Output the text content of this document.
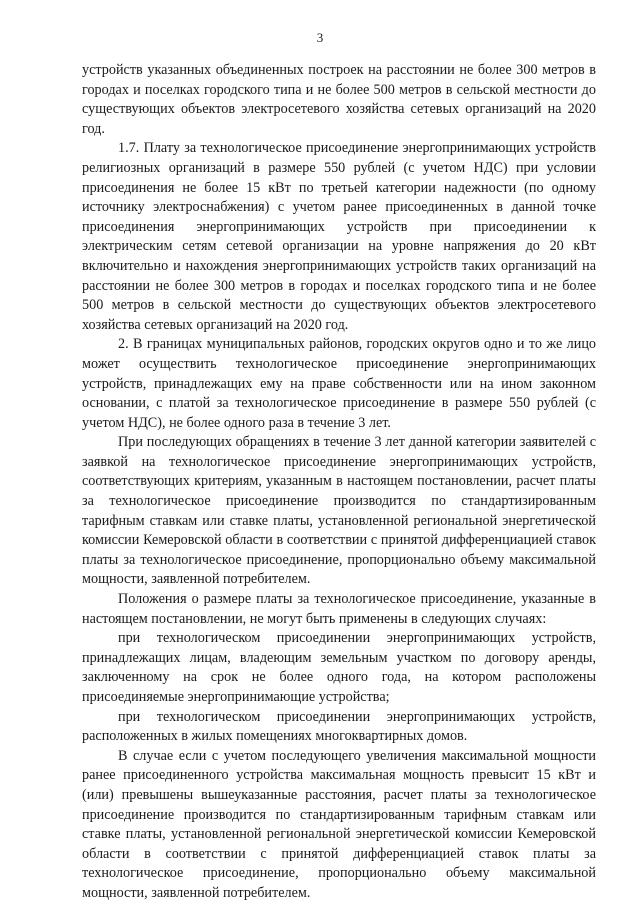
3

устройств указанных объединенных построек на расстоянии не более 300 метров в городах и поселках городского типа и не более 500 метров в сельской местности до существующих объектов электросетевого хозяйства сетевых организаций на 2020 год.

1.7. Плату за технологическое присоединение энергопринимающих устройств религиозных организаций в размере 550 рублей (с учетом НДС) при условии присоединения не более 15 кВт по третьей категории надежности (по одному источнику электроснабжения) с учетом ранее присоединенных в данной точке присоединения энергопринимающих устройств при присоединении к электрическим сетям сетевой организации на уровне напряжения до 20 кВт включительно и нахождения энергопринимающих устройств таких организаций на расстоянии не более 300 метров в городах и поселках городского типа и не более 500 метров в сельской местности до существующих объектов электросетевого хозяйства сетевых организаций на 2020 год.

2. В границах муниципальных районов, городских округов одно и то же лицо может осуществить технологическое присоединение энергопринимающих устройств, принадлежащих ему на праве собственности или на ином законном основании, с платой за технологическое присоединение в размере 550 рублей (с учетом НДС), не более одного раза в течение 3 лет.

При последующих обращениях в течение 3 лет данной категории заявителей с заявкой на технологическое присоединение энергопринимающих устройств, соответствующих критериям, указанным в настоящем постановлении, расчет платы за технологическое присоединение производится по стандартизированным тарифным ставкам или ставке платы, установленной региональной энергетической комиссии Кемеровской области в соответствии с принятой дифференциацией ставок платы за технологическое присоединение, пропорционально объему максимальной мощности, заявленной потребителем.

Положения о размере платы за технологическое присоединение, указанные в настоящем постановлении, не могут быть применены в следующих случаях:

при технологическом присоединении энергопринимающих устройств, принадлежащих лицам, владеющим земельным участком по договору аренды, заключенному на срок не более одного года, на котором расположены присоединяемые энергопринимающие устройства;

при технологическом присоединении энергопринимающих устройств, расположенных в жилых помещениях многоквартирных домов.

В случае если с учетом последующего увеличения максимальной мощности ранее присоединенного устройства максимальная мощность превысит 15 кВт и (или) превышены вышеуказанные расстояния, расчет платы за технологическое присоединение производится по стандартизированным тарифным ставкам или ставке платы, установленной региональной энергетической комиссии Кемеровской области в соответствии с принятой дифференциацией ставок платы за технологическое присоединение, пропорционально объему максимальной мощности, заявленной потребителем.
